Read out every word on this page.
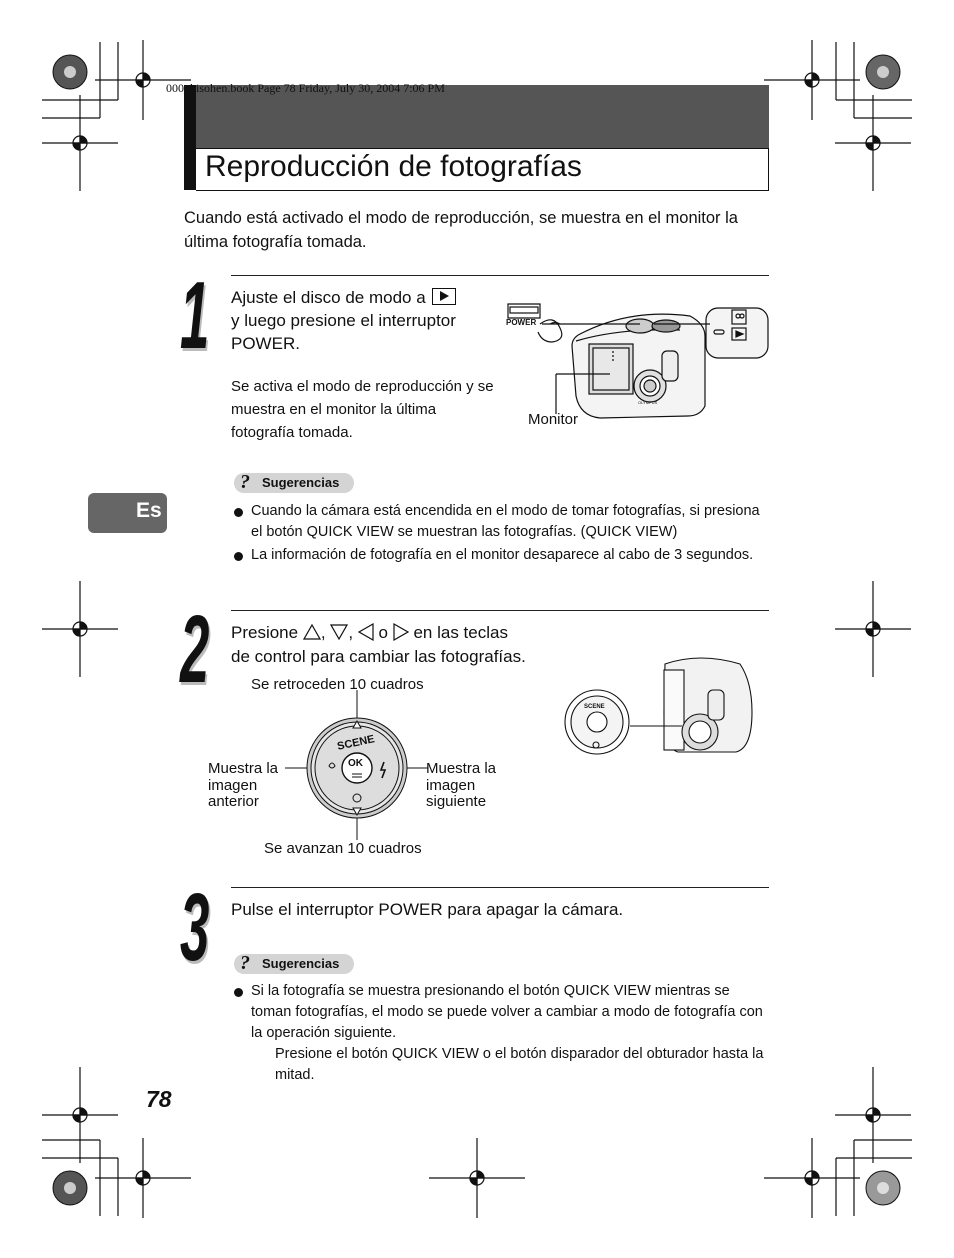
000_kisohen.book Page 78 Friday, July 30, 2004 7:06 PM
Reproducción de fotografías
Cuando está activado el modo de reproducción, se muestra en el monitor la última fotografía tomada.
Es
1 Ajuste el disco de modo a

y luego presione el interruptor POWER.
Se activa el modo de reproducción y se muestra en el monitor la última fotografía tomada.
OLYMPUS
POWER
Monitor
? Sugerencias
Cuando la cámara está encendida en el modo de tomar fotografías, si presiona el botón QUICK VIEW se muestran las fotografías. (QUICK VIEW)
La información de fotografía en el monitor desaparece al cabo de 3 segundos.
2 Presione , , o en las teclas
de control para cambiar las fotografías.
SCENE
OK
Se retroceden 10 cuadros
Se avanzan 10 cuadros
Muestra la imagen anterior
Muestra la imagen siguiente
SCENE
3 Pulse el interruptor POWER para apagar la cámara.
? Sugerencias
Si la fotografía se muestra presionando el botón QUICK VIEW mientras se toman fotografías, el modo se puede volver a cambiar a modo de fotografía con la operación siguiente.
Presione el botón QUICK VIEW o el botón disparador del obturador hasta la mitad.
78
